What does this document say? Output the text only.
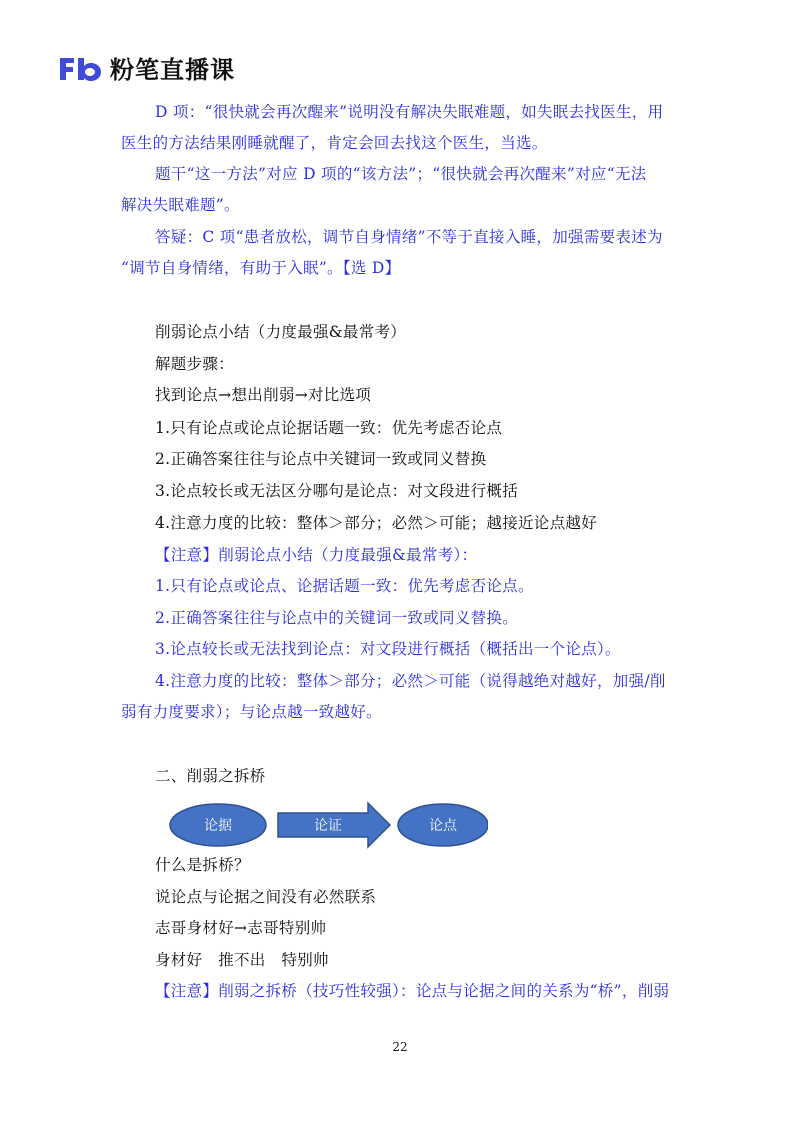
粉笔直播课
D 项：“很快就会再次醒来”说明没有解决失眠难题，如失眠去找医生，用
医生的方法结果刚睡就醒了，肯定会回去找这个医生，当选。
题干“这一方法”对应 D 项的“该方法”；“很快就会再次醒来”对应“无法
解决失眠难题”。
答疑：C 项“患者放松，调节自身情绪”不等于直接入睡，加强需要表述为
“调节自身情绪，有助于入眠”。【选 D】
削弱论点小结（力度最强&最常考）
解题步骤：
找到论点→想出削弱→对比选项
1.只有论点或论点论据话题一致：优先考虑否论点
2.正确答案往往与论点中关键词一致或同义替换
3.论点较长或无法区分哪句是论点：对文段进行概括
4.注意力度的比较：整体＞部分；必然＞可能；越接近论点越好
【注意】削弱论点小结（力度最强&最常考）：
1.只有论点或论点、论据话题一致：优先考虑否论点。
2.正确答案往往与论点中的关键词一致或同义替换。
3.论点较长或无法找到论点：对文段进行概括（概括出一个论点）。
4.注意力度的比较：整体＞部分；必然＞可能（说得越绝对越好，加强/削
弱有力度要求）；与论点越一致越好。
二、削弱之拆桥
论据	论证	论点
什么是拆桥？
说论点与论据之间没有必然联系
志哥身材好→志哥特别帅
身材好　推不出　特别帅
【注意】削弱之拆桥（技巧性较强）：论点与论据之间的关系为“桥”，削弱
22
